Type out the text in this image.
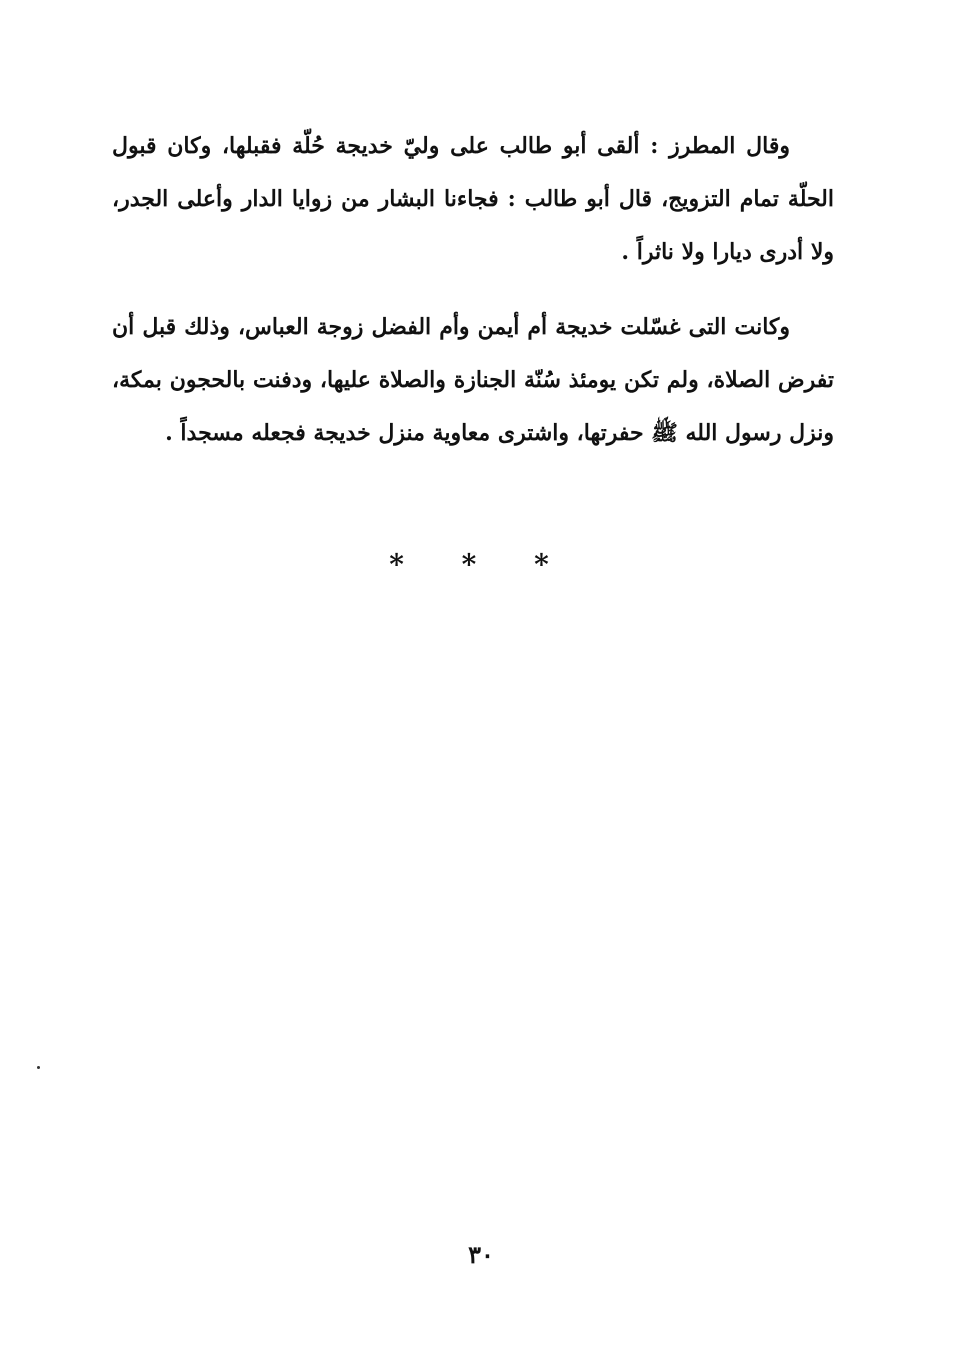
وقال المطرز : ألقى أبو طالب على وليّ خديجة حُلّة فقبلها، وكان قبول الحلّة تمام التزويج، قال أبو طالب : فجاءنا البشار من زوايا الدار وأعلى الجدر، ولا أدرى ديارا ولا ناثراً .

وكانت التى غسّلت خديجة أم أيمن وأم الفضل زوجة العباس، وذلك قبل أن تفرض الصلاة، ولم تكن يومئذ سُنّة الجنازة والصلاة عليها، ودفنت بالحجون بمكة، ونزل رسول الله ﷺ حفرتها، واشترى معاوية منزل خديجة فجعله مسجداً .

* * *
٣٠
